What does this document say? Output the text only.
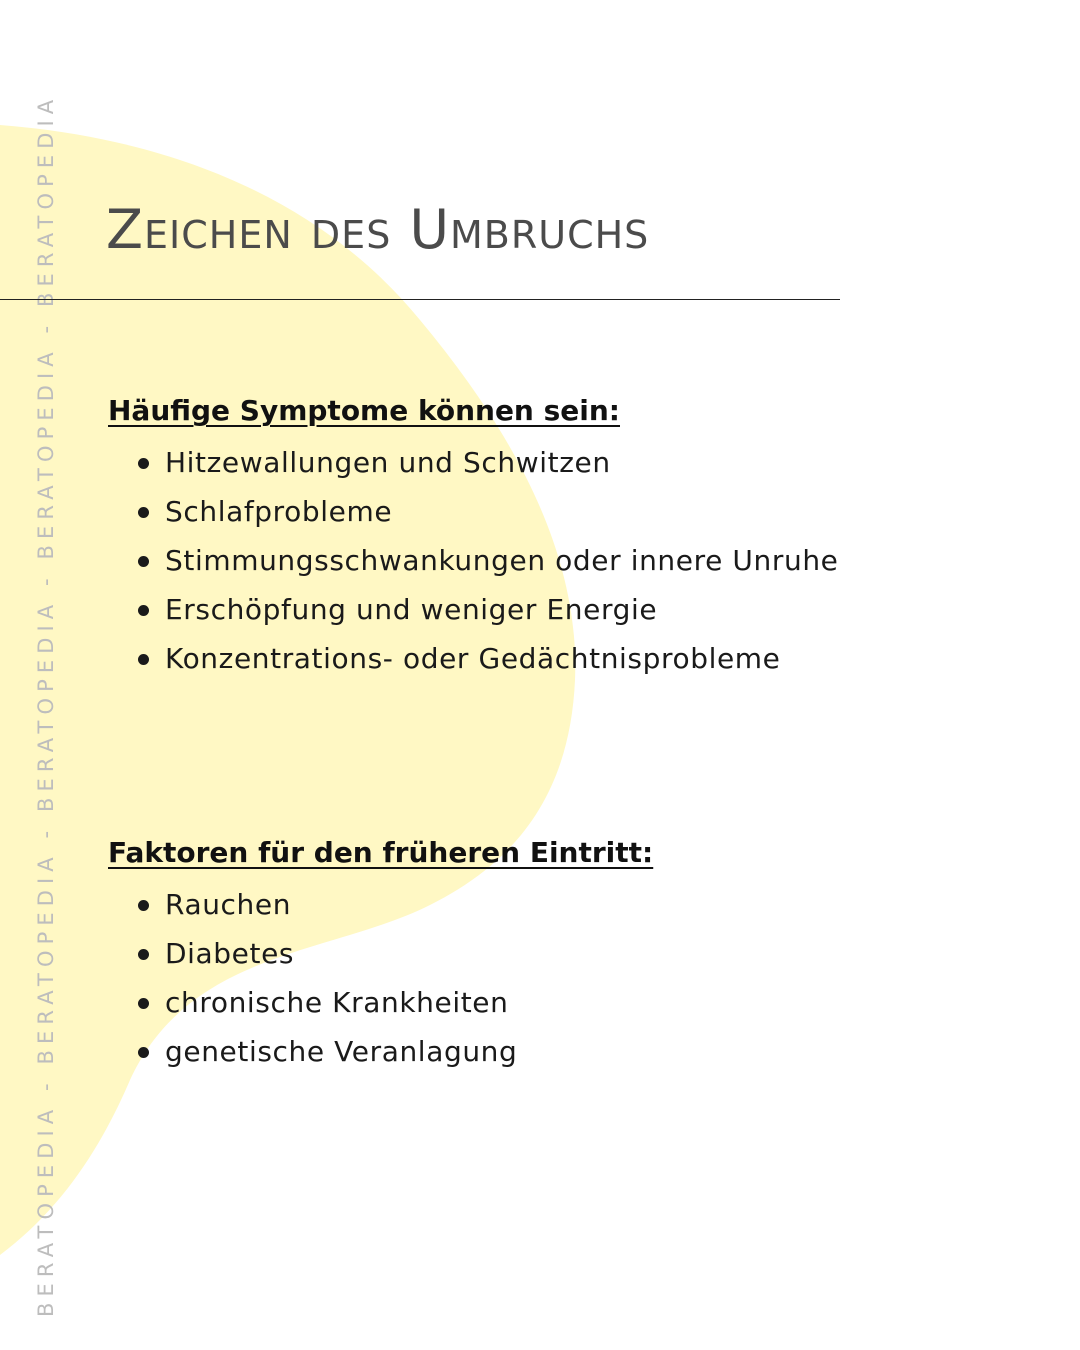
BERATOPEDIA - BERATOPEDIA - BERATOPEDIA - BERATOPEDIA - BERATOPEDIA Zeichen des Umbruchs
Häufige Symptome können sein:
Hitzewallungen und Schwitzen
Schlafprobleme
Stimmungsschwankungen oder innere Unruhe
Erschöpfung und weniger Energie
Konzentrations- oder Gedächtnisprobleme
Faktoren für den früheren Eintritt:
Rauchen
Diabetes
chronische Krankheiten
genetische Veranlagung
